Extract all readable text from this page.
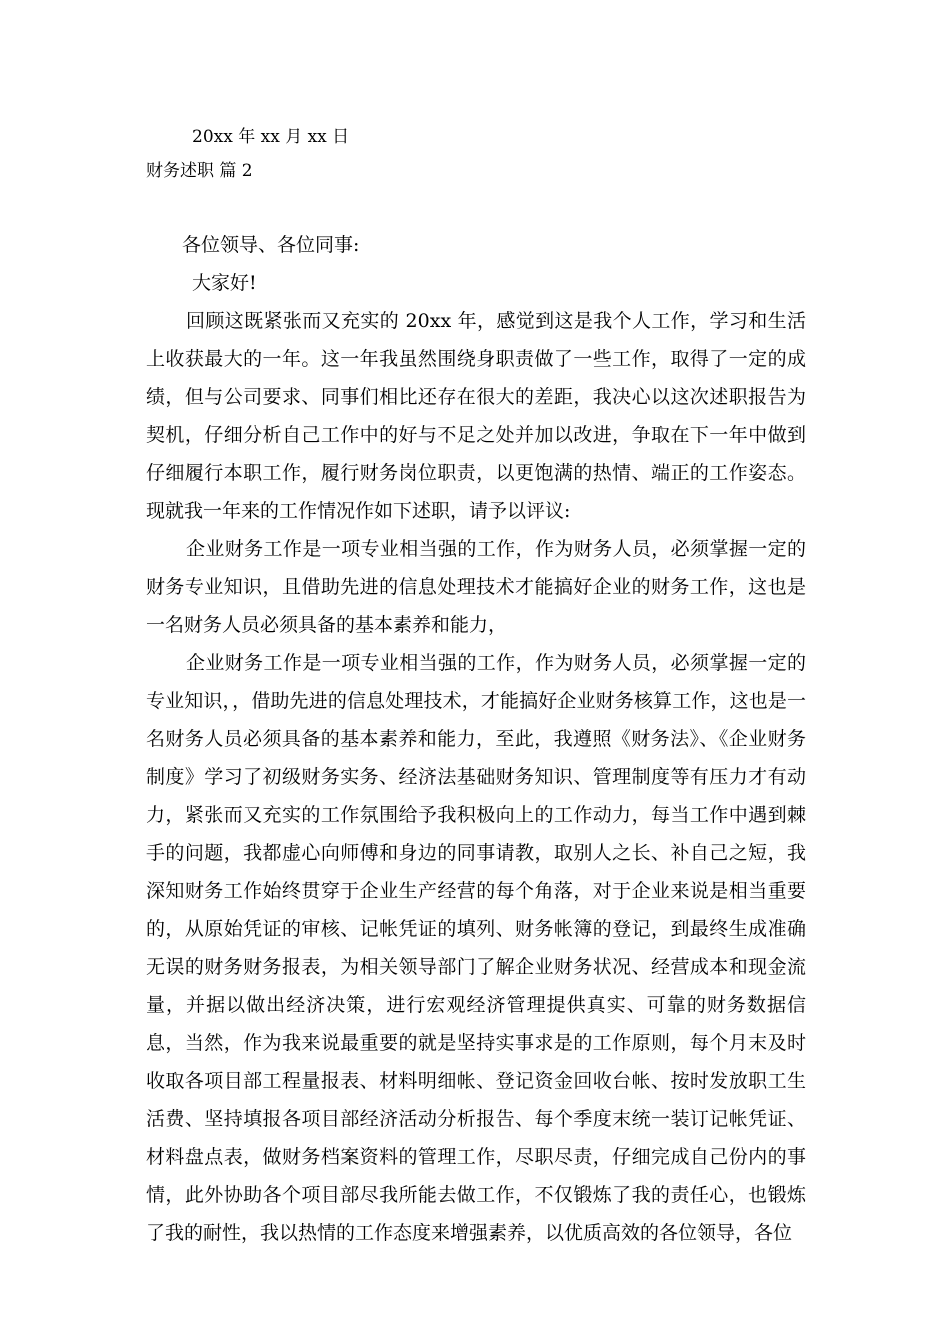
20xx 年 xx 月 xx 日
财务述职 篇 2

各位领导、各位同事:

大家好!

回顾这既紧张而又充实的 20xx 年，感觉到这是我个人工作，学习和生活上收获最大的一年。这一年我虽然围绕身职责做了一些工作，取得了一定的成绩，但与公司要求、同事们相比还存在很大的差距，我决心以这次述职报告为契机，仔细分析自己工作中的好与不足之处并加以改进，争取在下一年中做到仔细履行本职工作，履行财务岗位职责，以更饱满的热情、端正的工作姿态。现就我一年来的工作情况作如下述职，请予以评议:

企业财务工作是一项专业相当强的工作，作为财务人员，必须掌握一定的财务专业知识，且借助先进的信息处理技术才能搞好企业的财务工作，这也是一名财务人员必须具备的基本素养和能力，

企业财务工作是一项专业相当强的工作，作为财务人员，必须掌握一定的专业知识，，借助先进的信息处理技术，才能搞好企业财务核算工作，这也是一名财务人员必须具备的基本素养和能力，至此，我遵照《财务法》、《企业财务制度》学习了初级财务实务、经济法基础财务知识、管理制度等有压力才有动力，紧张而又充实的工作氛围给予我积极向上的工作动力，每当工作中遇到棘手的问题，我都虚心向师傅和身边的同事请教，取别人之长、补自己之短，我深知财务工作始终贯穿于企业生产经营的每个角落，对于企业来说是相当重要的，从原始凭证的审核、记帐凭证的填列、财务帐簿的登记，到最终生成准确无误的财务财务报表，为相关领导部门了解企业财务状况、经营成本和现金流量，并据以做出经济决策，进行宏观经济管理提供真实、可靠的财务数据信息，当然，作为我来说最重要的就是坚持实事求是的工作原则，每个月末及时收取各项目部工程量报表、材料明细帐、登记资金回收台帐、按时发放职工生活费、坚持填报各项目部经济活动分析报告、每个季度末统一装订记帐凭证、材料盘点表，做财务档案资料的管理工作，尽职尽责，仔细完成自己份内的事情，此外协助各个项目部尽我所能去做工作，不仅锻炼了我的责任心，也锻炼了我的耐性，我以热情的工作态度来增强素养，以优质高效的各位领导，各位
